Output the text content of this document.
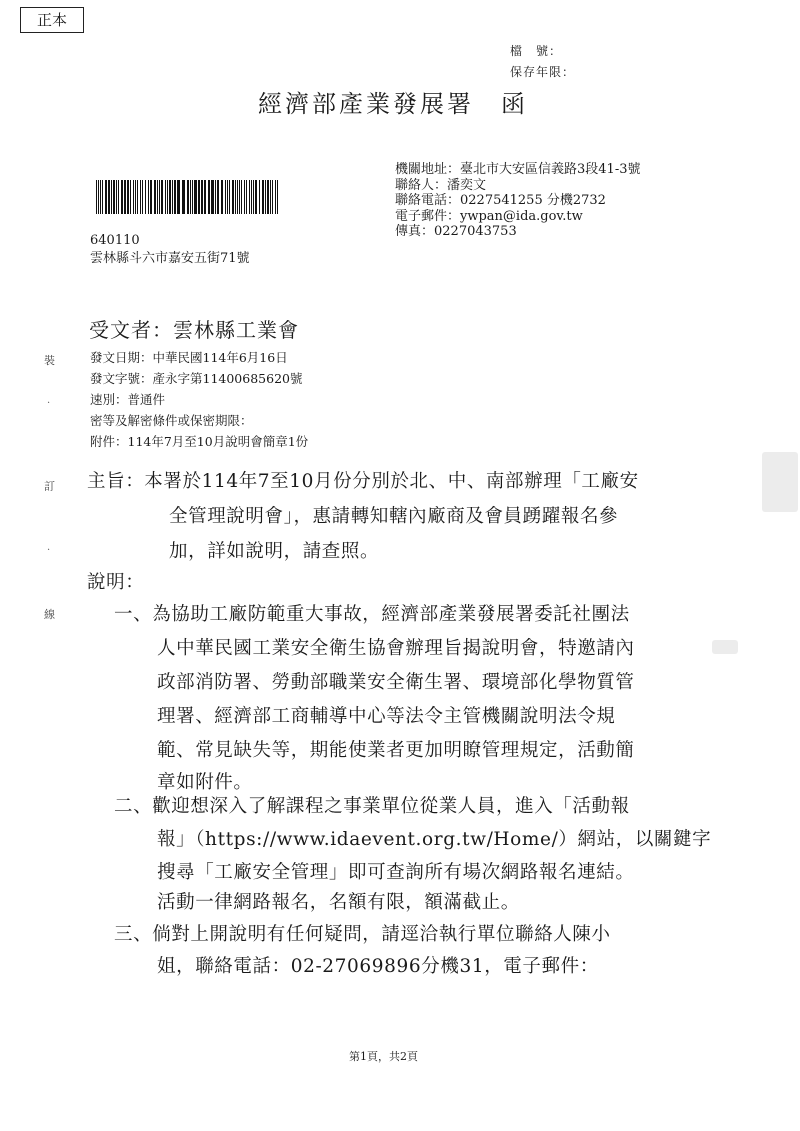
正本
檔　號：
保存年限：
經濟部產業發展署　函
機關地址：臺北市大安區信義路3段41-3號
聯絡人：潘奕文
聯絡電話：0227541255 分機2732
電子郵件：ywpan@ida.gov.tw
傳真：0227043753
640110
雲林縣斗六市嘉安五街71號
受文者：雲林縣工業會
發文日期：中華民國114年6月16日
發文字號：產永字第11400685620號
速別：普通件
密等及解密條件或保密期限：
附件：114年7月至10月說明會簡章1份
裝
·
訂
·
線
主旨：本署於114年7至10月份分別於北、中、南部辦理「工廠安
全管理說明會」，惠請轉知轄內廠商及會員踴躍報名參
加，詳如說明，請查照。
說明：
一、為協助工廠防範重大事故，經濟部產業發展署委託社團法
人中華民國工業安全衛生協會辦理旨揭說明會，特邀請內
政部消防署、勞動部職業安全衛生署、環境部化學物質管
理署、經濟部工商輔導中心等法令主管機關說明法令規
範、常見缺失等，期能使業者更加明瞭管理規定，活動簡
章如附件。
二、歡迎想深入了解課程之事業單位從業人員，進入「活動報
報」（https://www.idaevent.org.tw/Home/）網站，以關鍵字
搜尋「工廠安全管理」即可查詢所有場次網路報名連結。
活動一律網路報名，名額有限，額滿截止。
三、倘對上開說明有任何疑問，請逕洽執行單位聯絡人陳小
姐，聯絡電話：02-27069896分機31，電子郵件：
第1頁，共2頁
